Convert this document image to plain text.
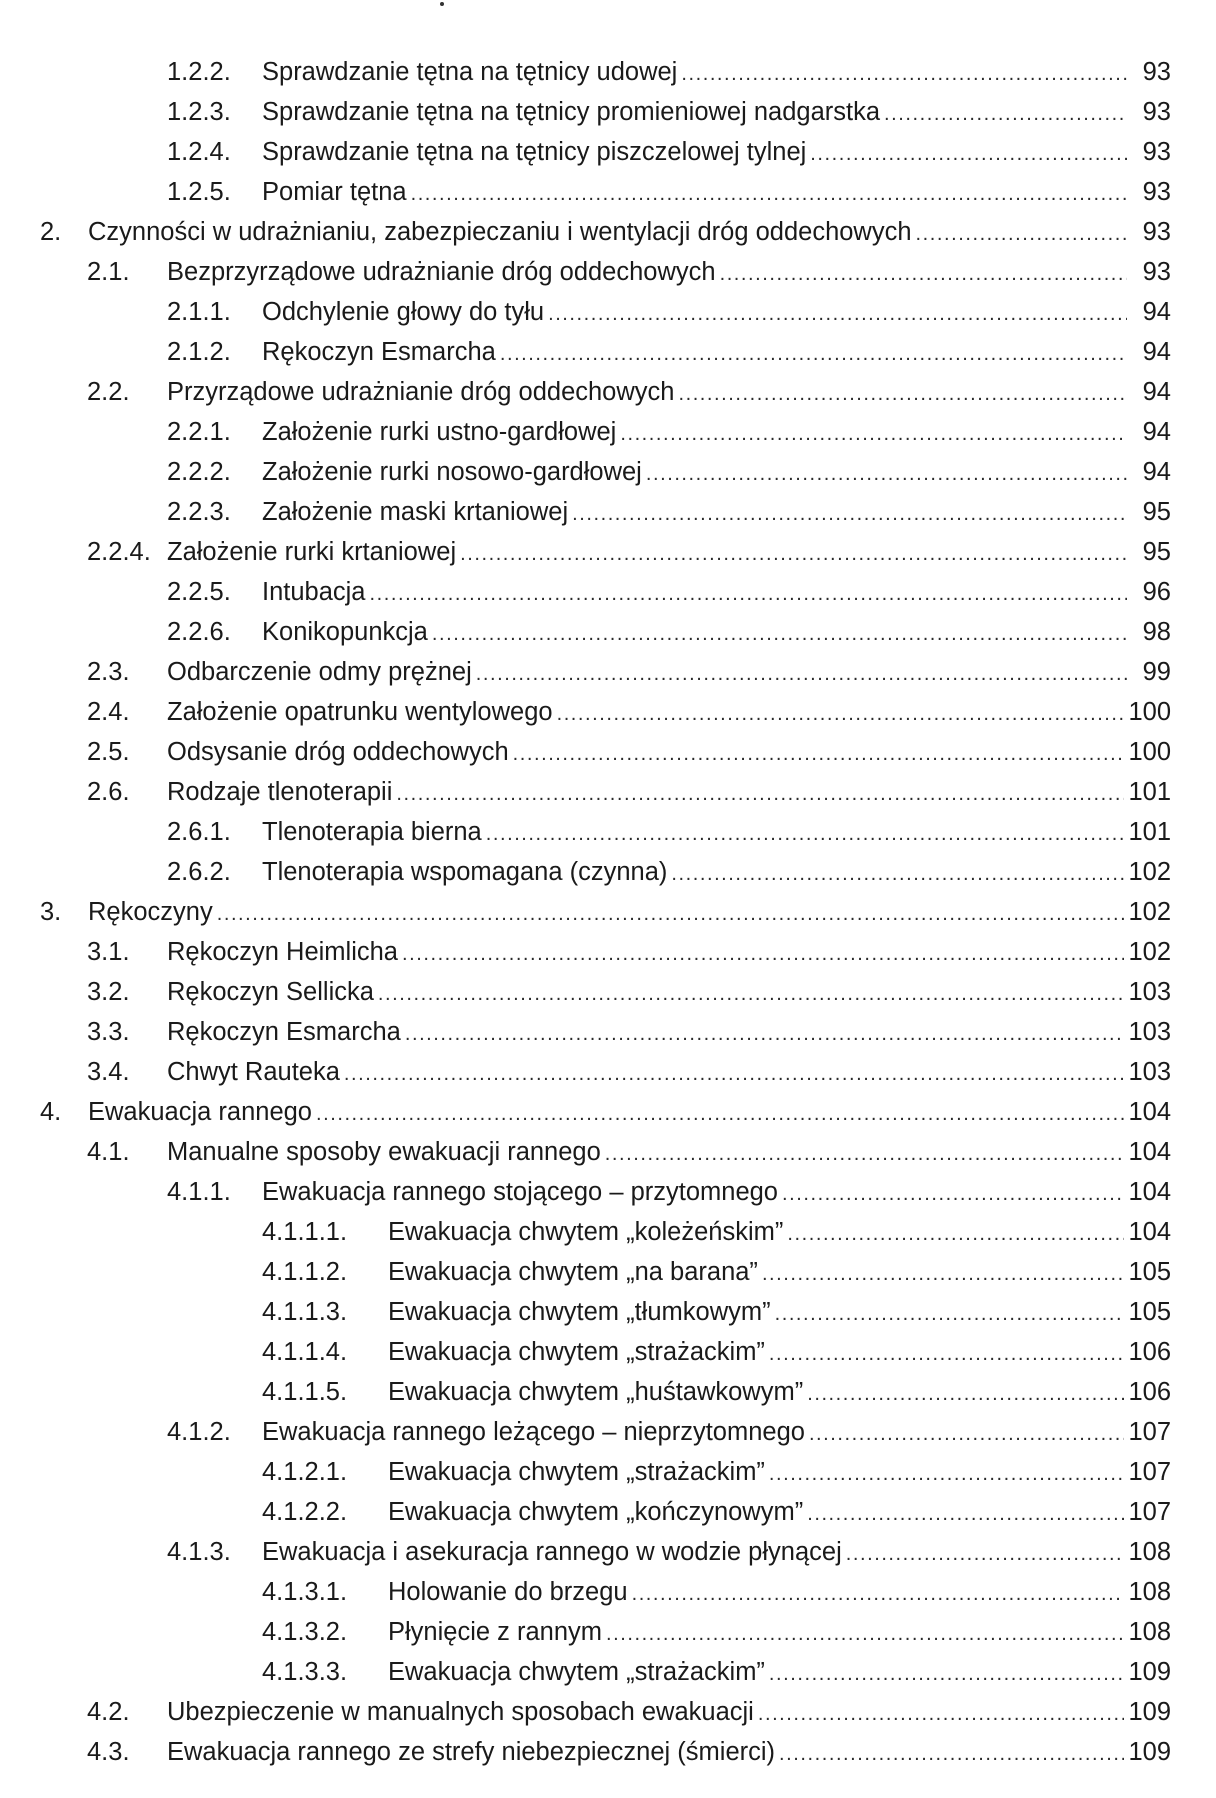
1.2.2. Sprawdzanie tętna na tętnicy udowej . . .	93
1.2.3. Sprawdzanie tętna na tętnicy promieniowej nadgarstka . . .	93
1.2.4. Sprawdzanie tętna na tętnicy piszczelowej tylnej . . .	93
1.2.5. Pomiar tętna . . .	93
2. Czynności w udrażnianiu, zabezpieczaniu i wentylacji dróg oddechowych . . .	93
2.1. Bezprzyrządowe udrażnianie dróg oddechowych . . .	93
2.1.1. Odchylenie głowy do tyłu . . .	94
2.1.2. Rękoczyn Esmarcha . . .	94
2.2. Przyrządowe udrażnianie dróg oddechowych . . .	94
2.2.1. Założenie rurki ustno-gardłowej . . .	94
2.2.2. Założenie rurki nosowo-gardłowej . . .	94
2.2.3. Założenie maski krtaniowej . . .	95
2.2.4. Założenie rurki krtaniowej . . .	95
2.2.5. Intubacja . . .	96
2.2.6. Konikopunkcja . . .	98
2.3. Odbarczenie odmy prężnej . . .	99
2.4. Założenie opatrunku wentylowego . . .	100
2.5. Odsysanie dróg oddechowych . . .	100
2.6. Rodzaje tlenoterapii . . .	101
2.6.1. Tlenoterapia bierna . . .	101
2.6.2. Tlenoterapia wspomagana (czynna) . . .	102
3. Rękoczyny . . .	102
3.1. Rękoczyn Heimlicha . . .	102
3.2. Rękoczyn Sellicka . . .	103
3.3. Rękoczyn Esmarcha . . .	103
3.4. Chwyt Rauteka . . .	103
4. Ewakuacja rannego . . .	104
4.1. Manualne sposoby ewakuacji rannego . . .	104
4.1.1. Ewakuacja rannego stojącego – przytomnego . . .	104
4.1.1.1. Ewakuacja chwytem „koleżeńskim” . . .	104
4.1.1.2. Ewakuacja chwytem „na barana” . . .	105
4.1.1.3. Ewakuacja chwytem „tłumkowym” . . .	105
4.1.1.4. Ewakuacja chwytem „strażackim” . . .	106
4.1.1.5. Ewakuacja chwytem „huśtawkowym” . . .	106
4.1.2. Ewakuacja rannego leżącego – nieprzytomnego . . .	107
4.1.2.1. Ewakuacja chwytem „strażackim” . . .	107
4.1.2.2. Ewakuacja chwytem „kończynowym” . . .	107
4.1.3. Ewakuacja i asekuracja rannego w wodzie płynącej . . .	108
4.1.3.1. Holowanie do brzegu . . .	108
4.1.3.2. Płynięcie z rannym . . .	108
4.1.3.3. Ewakuacja chwytem „strażackim” . . .	109
4.2. Ubezpieczenie w manualnych sposobach ewakuacji . . .	109
4.3. Ewakuacja rannego ze strefy niebezpiecznej (śmierci) . . .	109
